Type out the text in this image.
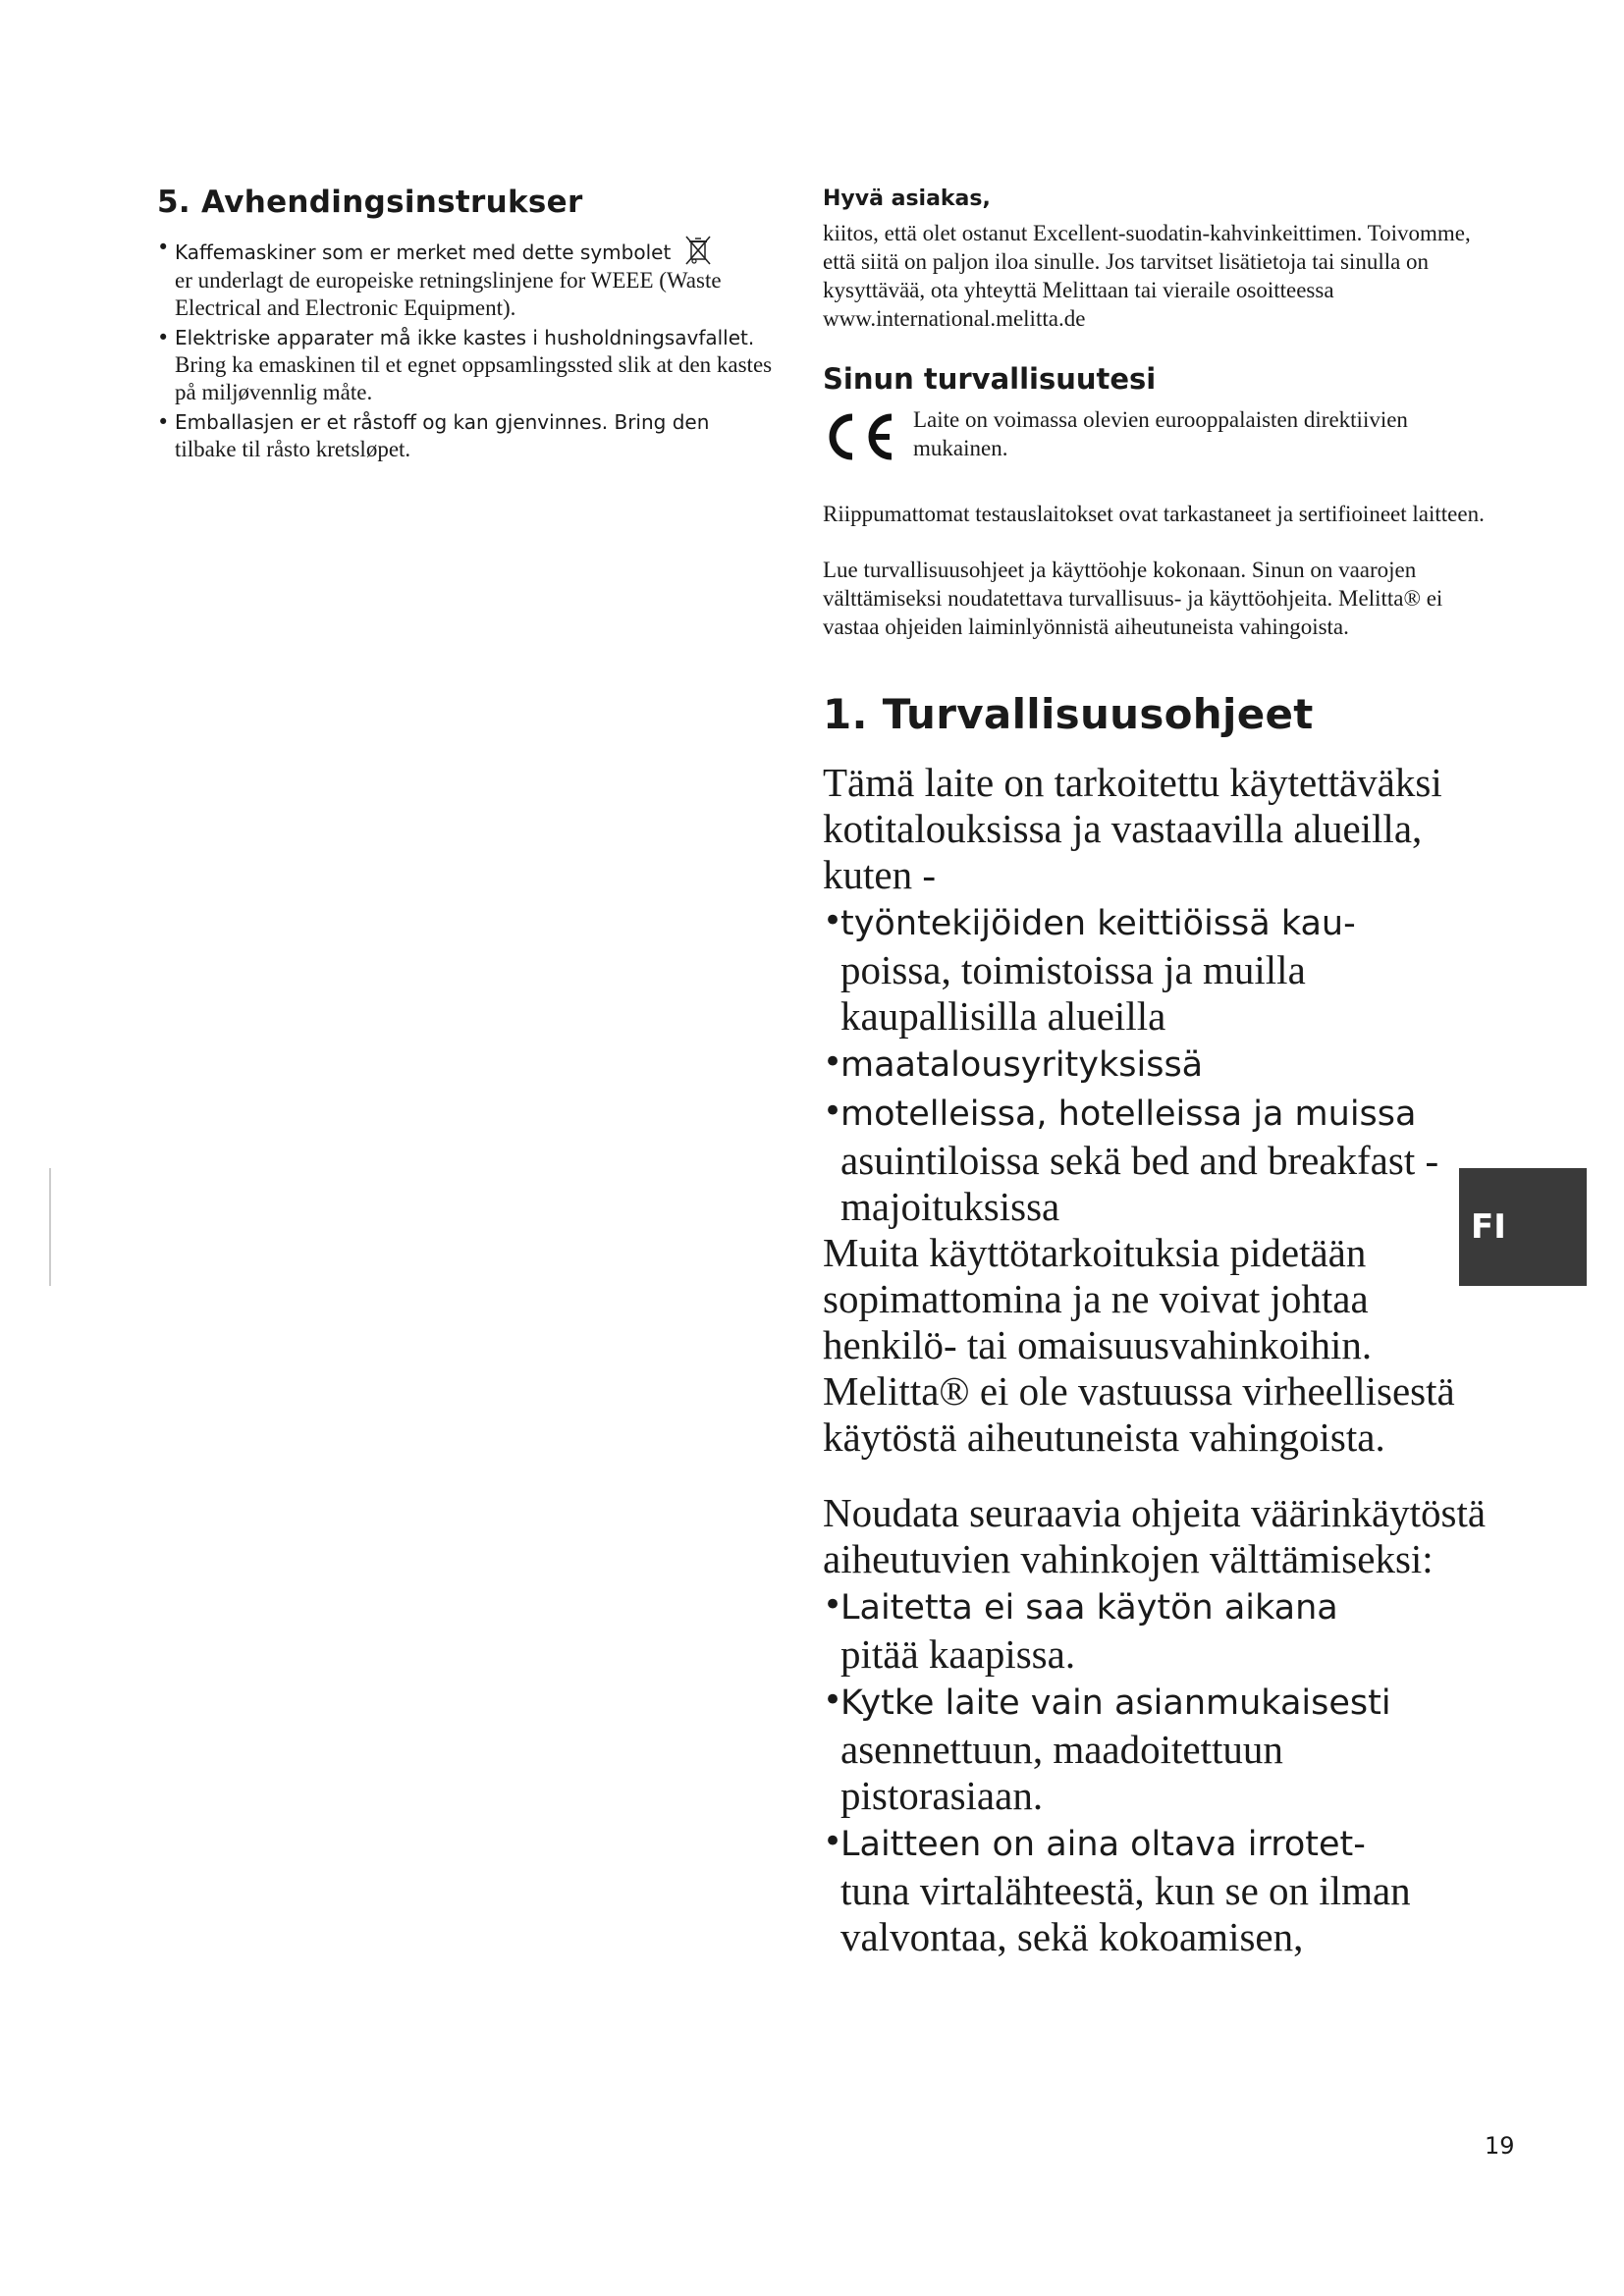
5. Avhendingsinstrukser
• Kaffemaskiner som er merket med dette symbolet
er underlagt de europeiske retningslinjene for WEEE (Waste Electrical and Electronic Equipment).
• Elektriske apparater må ikke kastes i husholdningsavfallet.
Bring ka emaskinen til et egnet oppsamlingssted slik at den kastes på miljøvennlig måte.
• Emballasjen er et råstoff og kan gjenvinnes. Bring den
tilbake til råsto kretsløpet.
Hyvä asiakas,

kiitos, että olet ostanut Excellent-suodatin-kahvinkeittimen. Toivomme, että siitä on paljon iloa sinulle. Jos tarvitset lisätietoja tai sinulla on kysyttävää, ota yhteyttä Melittaan tai vieraile osoitteessa www.international.melitta.de

Sinun turvallisuutesi

Laite on voimassa olevien eurooppalaisten direktiivien mukainen.

Riippumattomat testauslaitokset ovat tarkastaneet ja sertifioineet laitteen.

Lue turvallisuusohjeet ja käyttöohje kokonaan. Sinun on vaarojen välttämiseksi noudatettava turvallisuus- ja käyttöohjeita. Melitta® ei vastaa ohjeiden laiminlyönnistä aiheutuneista vahingoista.

1. Turvallisuusohjeet

Tämä laite on tarkoitettu käytettäväksi kotitalouksissa ja vastaavilla alueilla, kuten -

•
työntekijöiden keittiöissä kau-
poissa, toimistoissa ja muilla kaupallisilla alueilla
•
maatalousyrityksissä
•
motelleissa, hotelleissa ja muissa
asuintiloissa sekä bed and breakfast -majoituksissa

Muita käyttötarkoituksia pidetään sopimattomina ja ne voivat johtaa henkilö- tai omaisuusvahinkoihin. Melitta® ei ole vastuussa virheellisestä käytöstä aiheutuneista vahingoista.

Noudata seuraavia ohjeita väärinkäytöstä aiheutuvien vahinkojen välttämiseksi:

•
Laitetta ei saa käytön aikana
pitää kaapissa.
•
Kytke laite vain asianmukaisesti
asennettuun, maadoitettuun pistorasiaan.
•
Laitteen on aina oltava irrotet-
tuna virtalähteestä, kun se on ilman valvontaa, sekä kokoamisen,
FI
19
